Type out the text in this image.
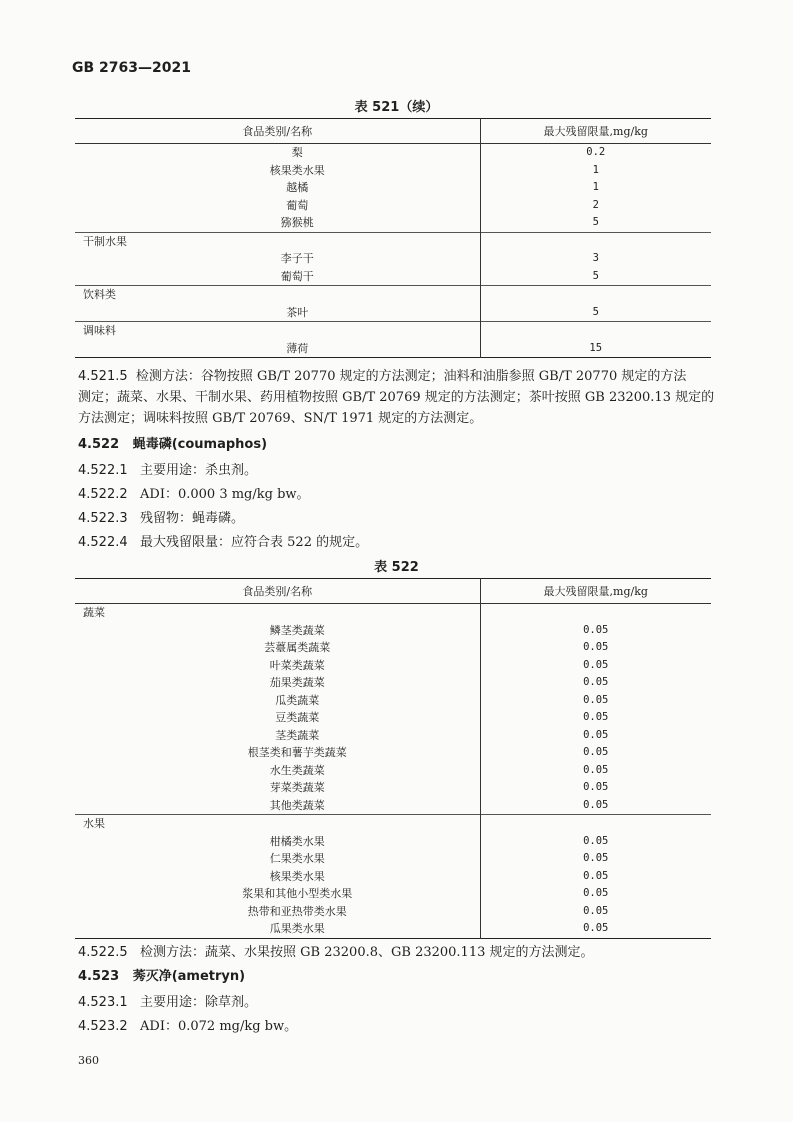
GB 2763—2021
表 521（续）
食品类别/名称	最大残留限量,mg/kg
梨	0.2
核果类水果	1
越橘	1
葡萄	2
猕猴桃	5
干制水果	
李子干	3
葡萄干	5
饮料类	
茶叶	5
调味料	
薄荷	15
4.521.5 检测方法：谷物按照 GB/T 20770 规定的方法测定；油料和油脂参照 GB/T 20770 规定的方法
测定；蔬菜、水果、干制水果、药用植物按照 GB/T 20769 规定的方法测定；茶叶按照 GB 23200.13 规定的
方法测定；调味料按照 GB/T 20769、SN/T 1971 规定的方法测定。
4.522 蝇毒磷(coumaphos)
4.522.1 主要用途：杀虫剂。
4.522.2 ADI：0.000 3 mg/kg bw。
4.522.3 残留物：蝇毒磷。
4.522.4 最大残留限量：应符合表 522 的规定。
表 522
食品类别/名称	最大残留限量,mg/kg
蔬菜	
鳞茎类蔬菜	0.05
芸薹属类蔬菜	0.05
叶菜类蔬菜	0.05
茄果类蔬菜	0.05
瓜类蔬菜	0.05
豆类蔬菜	0.05
茎类蔬菜	0.05
根茎类和薯芋类蔬菜	0.05
水生类蔬菜	0.05
芽菜类蔬菜	0.05
其他类蔬菜	0.05
水果	
柑橘类水果	0.05
仁果类水果	0.05
核果类水果	0.05
浆果和其他小型类水果	0.05
热带和亚热带类水果	0.05
瓜果类水果	0.05
4.522.5 检测方法：蔬菜、水果按照 GB 23200.8、GB 23200.113 规定的方法测定。
4.523 莠灭净(ametryn)
4.523.1 主要用途：除草剂。
4.523.2 ADI：0.072 mg/kg bw。
360
